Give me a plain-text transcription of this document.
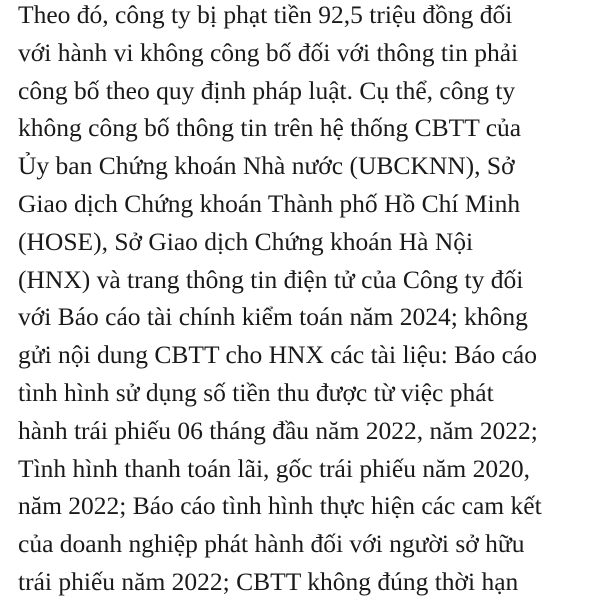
Theo đó, công ty bị phạt tiền 92,5 triệu đồng đối
với hành vi không công bố đối với thông tin phải
công bố theo quy định pháp luật. Cụ thể, công ty
không công bố thông tin trên hệ thống CBTT của
Ủy ban Chứng khoán Nhà nước (UBCKNN), Sở
Giao dịch Chứng khoán Thành phố Hồ Chí Minh
(HOSE), Sở Giao dịch Chứng khoán Hà Nội
(HNX) và trang thông tin điện tử của Công ty đối
với Báo cáo tài chính kiểm toán năm 2024; không
gửi nội dung CBTT cho HNX các tài liệu: Báo cáo
tình hình sử dụng số tiền thu được từ việc phát
hành trái phiếu 06 tháng đầu năm 2022, năm 2022;
Tình hình thanh toán lãi, gốc trái phiếu năm 2020,
năm 2022; Báo cáo tình hình thực hiện các cam kết
của doanh nghiệp phát hành đối với người sở hữu
trái phiếu năm 2022; CBTT không đúng thời hạn
